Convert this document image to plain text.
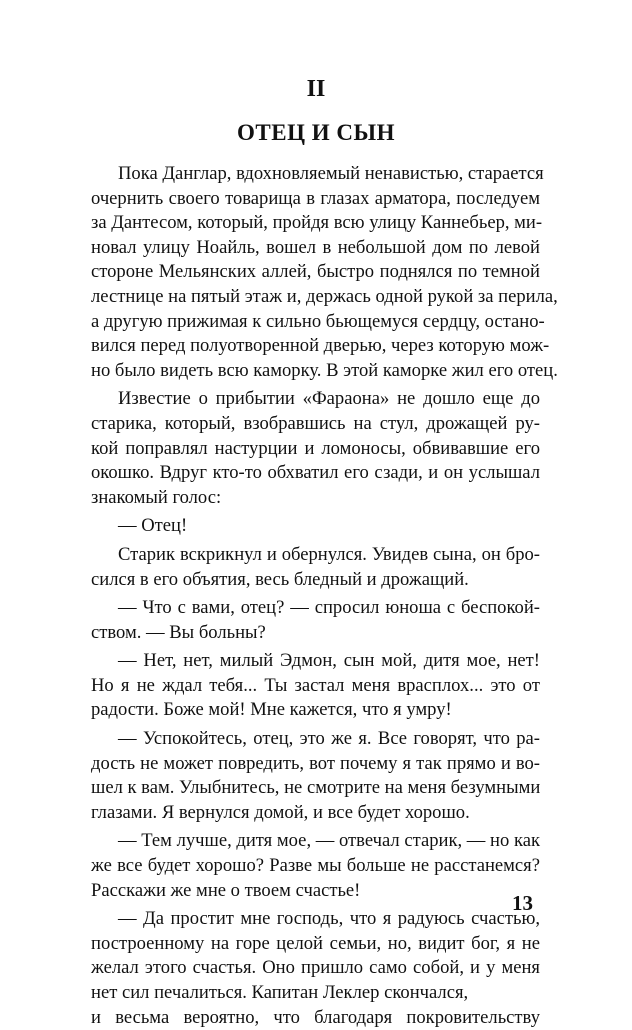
II
ОТЕЦ И СЫН
Пока Данглар, вдохновляемый ненавистью, старается
очернить своего товарища в глазах арматора, последуем
за Дантесом, который, пройдя всю улицу Каннебьер, ми-
новал улицу Ноайль, вошел в небольшой дом по левой
стороне Мельянских аллей, быстро поднялся по темной
лестнице на пятый этаж и, держась одной рукой за перила,
а другую прижимая к сильно бьющемуся сердцу, остано-
вился перед полуотворенной дверью, через которую мож-
но было видеть всю каморку. В этой каморке жил его отец.
Известие о прибытии «Фараона» не дошло еще до
старика, который, взобравшись на стул, дрожащей ру-
кой поправлял настурции и ломоносы, обвивавшие его
окошко. Вдруг кто-то обхватил его сзади, и он услышал
знакомый голос:
— Отец!
Старик вскрикнул и обернулся. Увидев сына, он бро-
сился в его объятия, весь бледный и дрожащий.
— Что с вами, отец? — спросил юноша с беспокой-
ством. — Вы больны?
— Нет, нет, милый Эдмон, сын мой, дитя мое, нет!
Но я не ждал тебя... Ты застал меня врасплох... это от
радости. Боже мой! Мне кажется, что я умру!
— Успокойтесь, отец, это же я. Все говорят, что ра-
дость не может повредить, вот почему я так прямо и во-
шел к вам. Улыбнитесь, не смотрите на меня безумными
глазами. Я вернулся домой, и все будет хорошо.
— Тем лучше, дитя мое, — отвечал старик, — но как
же все будет хорошо? Разве мы больше не расстанемся?
Расскажи же мне о твоем счастье!
— Да простит мне господь, что я радуюсь счастью,
построенному на горе целой семьи, но, видит бог, я не
желал этого счастья. Оно пришло само собой, и у меня
нет сил печалиться. Капитан Леклер скончался,
и весьма вероятно, что благодаря покровительству
13
